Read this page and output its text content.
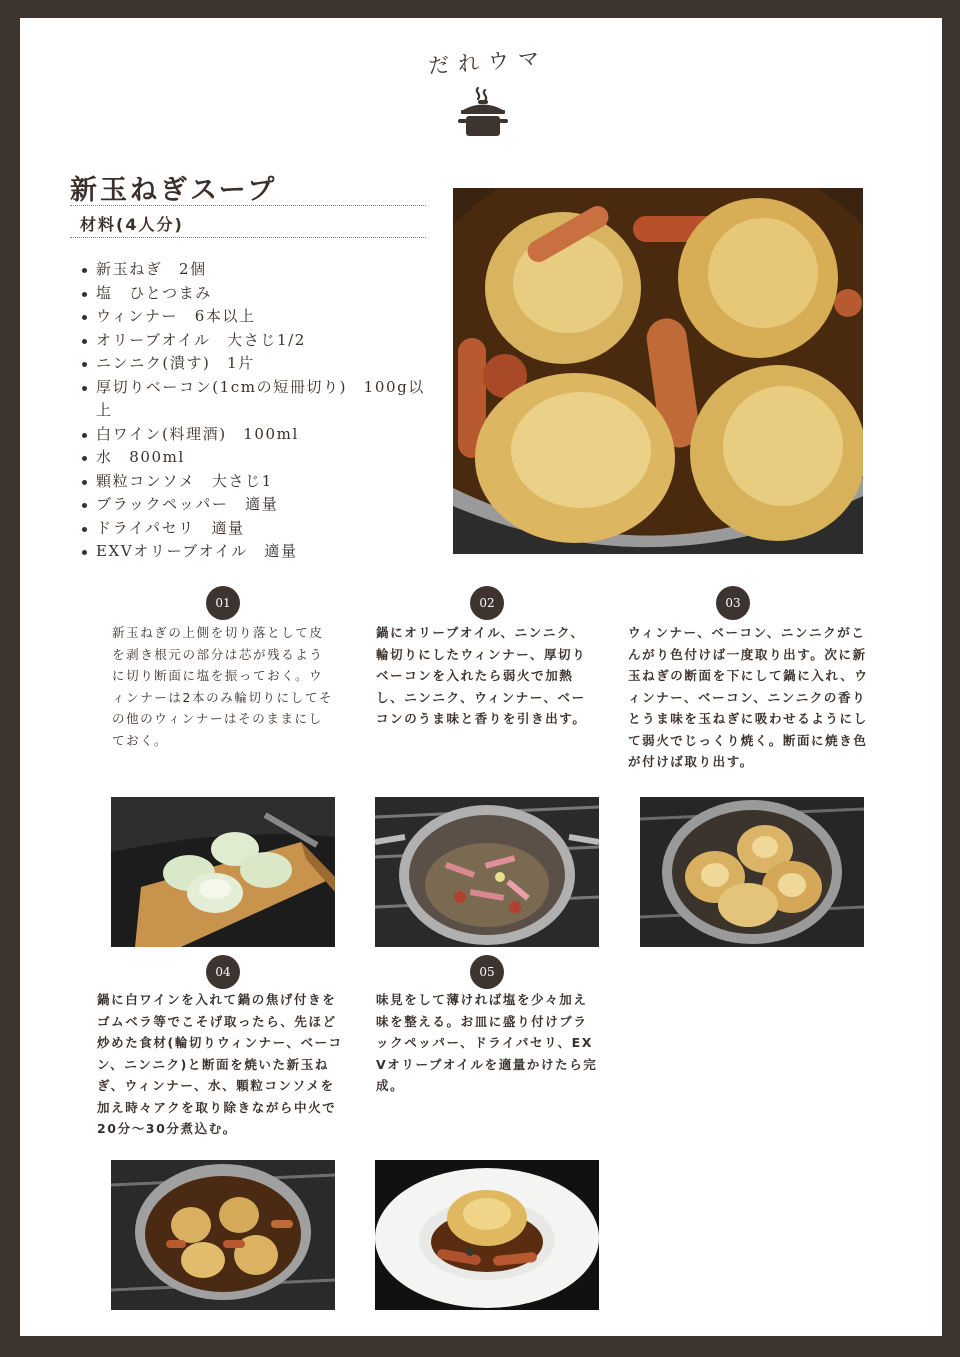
だれウマ
新玉ねぎスープ
材料(4人分)
新玉ねぎ　2個
塩　ひとつまみ
ウィンナー　6本以上
オリーブオイル　大さじ1/2
ニンニク(潰す)　1片
厚切りベーコン(1cmの短冊切り)　100g以上
白ワイン(料理酒)　100ml
水　800ml
顆粒コンソメ　大さじ1
ブラックペッパー　適量
ドライパセリ　適量
EXVオリーブオイル　適量
01
新玉ねぎの上側を切り落として皮を剥き根元の部分は芯が残るように切り断面に塩を振っておく。ウィンナーは2本のみ輪切りにしてその他のウィンナーはそのままにしておく。
02
鍋にオリーブオイル、ニンニク、輪切りにしたウィンナー、厚切りベーコンを入れたら弱火で加熱し、ニンニク、ウィンナー、ベーコンのうま味と香りを引き出す。
03
ウィンナー、ベーコン、ニンニクがこんがり色付けば一度取り出す。次に新玉ねぎの断面を下にして鍋に入れ、ウィンナー、ベーコン、ニンニクの香りとうま味を玉ねぎに吸わせるようにして弱火でじっくり焼く。断面に焼き色が付けば取り出す。
04
鍋に白ワインを入れて鍋の焦げ付きをゴムベラ等でこそげ取ったら、先ほど炒めた食材(輪切りウィンナー、ベーコン、ニンニク)と断面を焼いた新玉ねぎ、ウィンナー、水、顆粒コンソメを加え時々アクを取り除きながら中火で20分～30分煮込む。
05
味見をして薄ければ塩を少々加え味を整える。お皿に盛り付けブラックペッパー、ドライパセリ、EXVオリーブオイルを適量かけたら完成。
